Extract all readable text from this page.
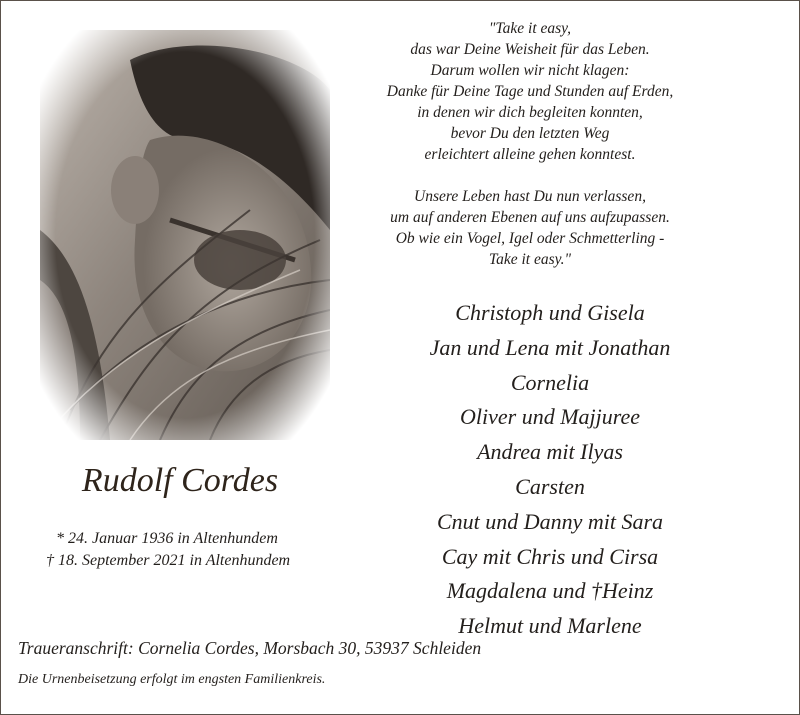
Rudolf Cordes
* 24. Januar 1936 in Altenhundem
† 18. September 2021 in Altenhundem
"Take it easy,
das war Deine Weisheit für das Leben.
Darum wollen wir nicht klagen:
Danke für Deine Tage und Stunden auf Erden,
in denen wir dich begleiten konnten,
bevor Du den letzten Weg
erleichtert alleine gehen konntest.
Unsere Leben hast Du nun verlassen,
um auf anderen Ebenen auf uns aufzupassen.
Ob wie ein Vogel, Igel oder Schmetterling -
Take it easy."
Christoph und Gisela
Jan und Lena mit Jonathan
Cornelia
Oliver und Majjuree
Andrea mit Ilyas
Carsten
Cnut und Danny mit Sara
Cay mit Chris und Cirsa
Magdalena und †Heinz
Helmut und Marlene
Traueranschrift: Cornelia Cordes, Morsbach 30, 53937 Schleiden
Die Urnenbeisetzung erfolgt im engsten Familienkreis.
